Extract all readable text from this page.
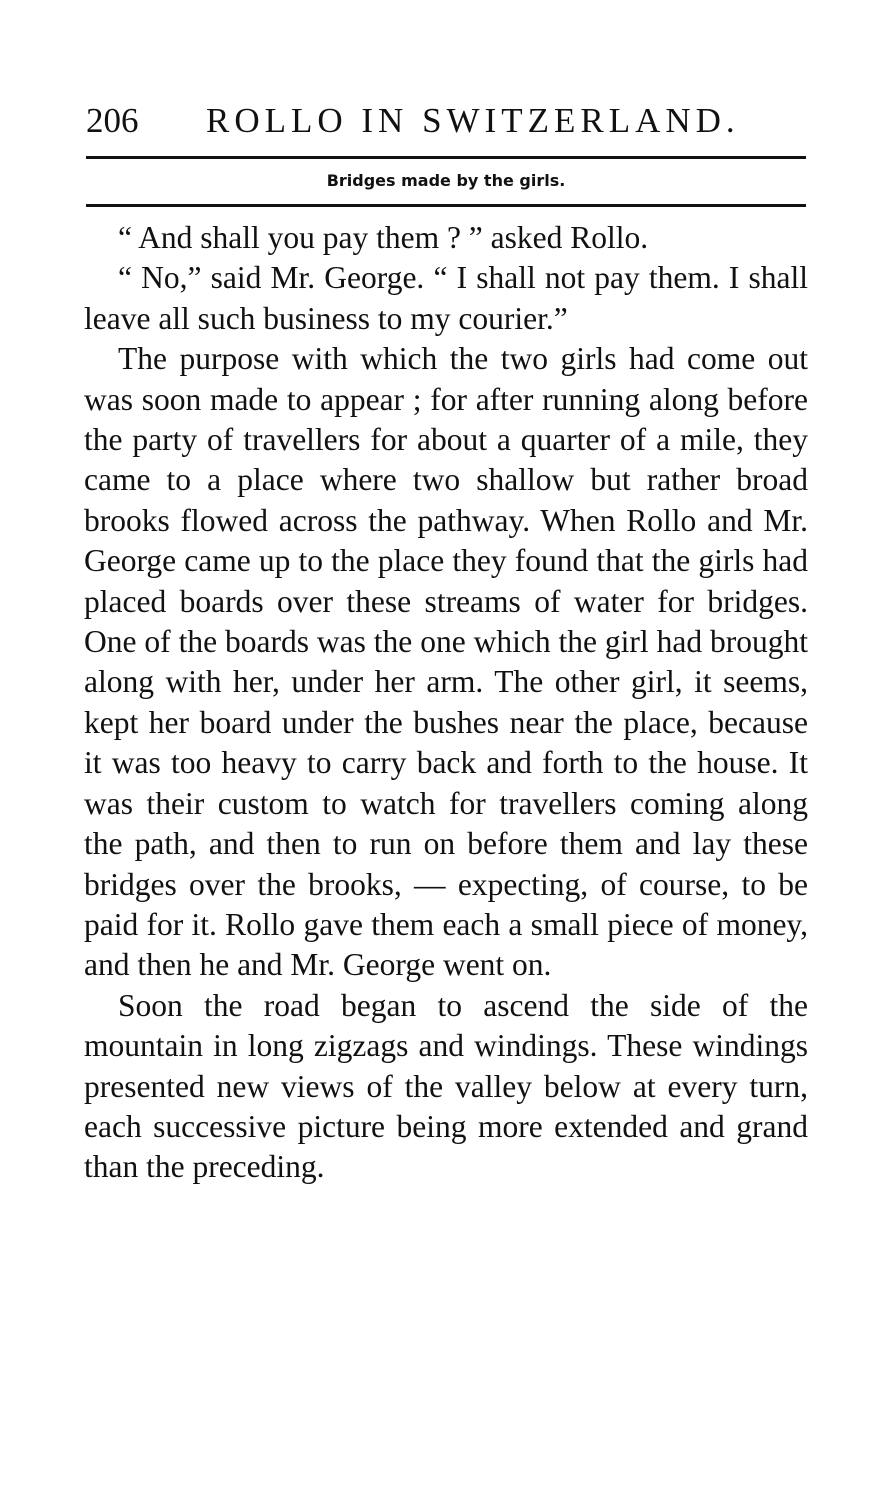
206 ROLLO IN SWITZERLAND.
Bridges made by the girls.

“ And shall you pay them ? ” asked Rollo.

“ No,” said Mr. George. “ I shall not pay them. I shall leave all such business to my courier.”

The purpose with which the two girls had come out was soon made to appear ; for after running along before the party of travellers for about a quarter of a mile, they came to a place where two shallow but rather broad brooks flowed across the pathway. When Rollo and Mr. George came up to the place they found that the girls had placed boards over these streams of water for bridges. One of the boards was the one which the girl had brought along with her, under her arm. The other girl, it seems, kept her board under the bushes near the place, because it was too heavy to carry back and forth to the house. It was their custom to watch for travellers coming along the path, and then to run on before them and lay these bridges over the brooks, — expecting, of course, to be paid for it. Rollo gave them each a small piece of money, and then he and Mr. George went on.

Soon the road began to ascend the side of the mountain in long zigzags and windings. These windings presented new views of the valley below at every turn, each successive picture being more extended and grand than the preceding.
